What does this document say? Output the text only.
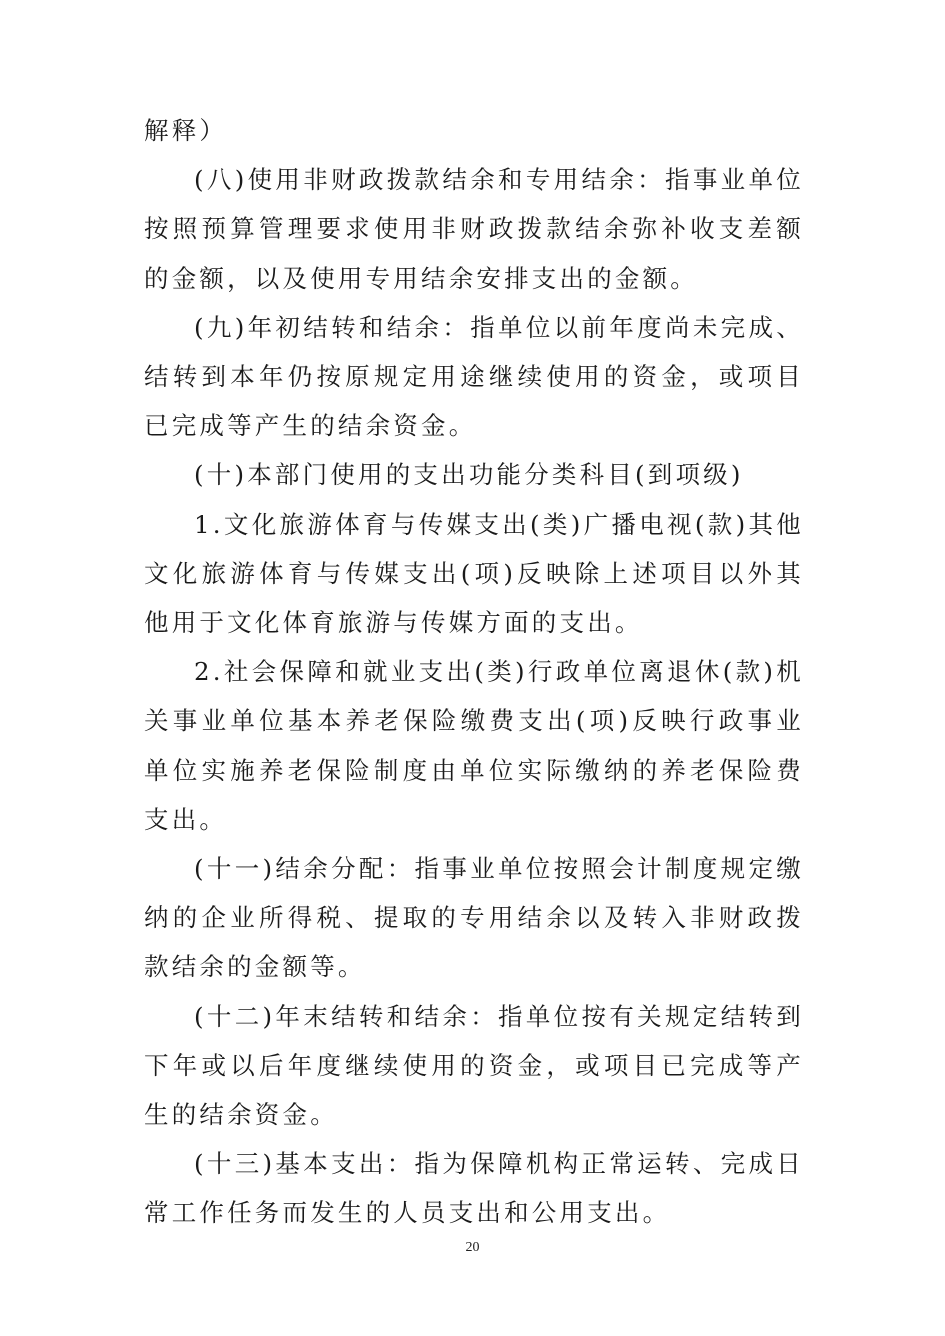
解释）

(八)使用非财政拨款结余和专用结余：指事业单位按照预算管理要求使用非财政拨款结余弥补收支差额的金额，以及使用专用结余安排支出的金额。

(九)年初结转和结余：指单位以前年度尚未完成、结转到本年仍按原规定用途继续使用的资金，或项目已完成等产生的结余资金。

(十)本部门使用的支出功能分类科目(到项级)

1.文化旅游体育与传媒支出(类)广播电视(款)其他文化旅游体育与传媒支出(项)反映除上述项目以外其他用于文化体育旅游与传媒方面的支出。

2.社会保障和就业支出(类)行政单位离退休(款)机关事业单位基本养老保险缴费支出(项)反映行政事业单位实施养老保险制度由单位实际缴纳的养老保险费支出。

(十一)结余分配：指事业单位按照会计制度规定缴纳的企业所得税、提取的专用结余以及转入非财政拨款结余的金额等。

(十二)年末结转和结余：指单位按有关规定结转到下年或以后年度继续使用的资金，或项目已完成等产生的结余资金。

(十三)基本支出：指为保障机构正常运转、完成日常工作任务而发生的人员支出和公用支出。

20
